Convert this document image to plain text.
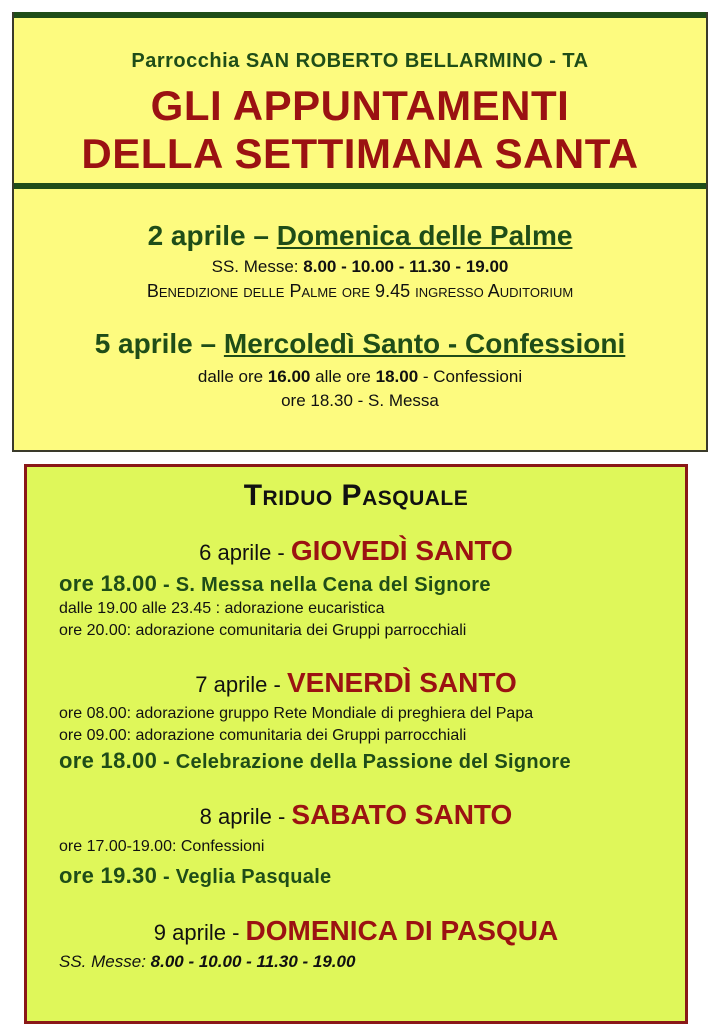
Parrocchia SAN ROBERTO BELLARMINO - TA
GLI APPUNTAMENTI
DELLA SETTIMANA SANTA
2 aprile – Domenica delle Palme
SS. Messe: 8.00 - 10.00 - 11.30 - 19.00
Benedizione delle Palme ore 9.45 ingresso Auditorium
5 aprile – Mercoledì Santo - Confessioni
dalle ore 16.00 alle ore 18.00 - Confessioni
ore 18.30 - S. Messa
Triduo Pasquale
6 aprile - GIOVEDÌ SANTO
ore 18.00 - S. Messa nella Cena del Signore
dalle 19.00 alle 23.45 : adorazione eucaristica
ore 20.00: adorazione comunitaria dei Gruppi parrocchiali
7 aprile - VENERDÌ SANTO
ore 08.00: adorazione gruppo Rete Mondiale di preghiera del Papa
ore 09.00: adorazione comunitaria dei Gruppi parrocchiali
ore 18.00 - Celebrazione della Passione del Signore
8 aprile - SABATO SANTO
ore 17.00-19.00: Confessioni
ore 19.30 - Veglia Pasquale
9 aprile - DOMENICA DI PASQUA
SS. Messe: 8.00 - 10.00 - 11.30 - 19.00
